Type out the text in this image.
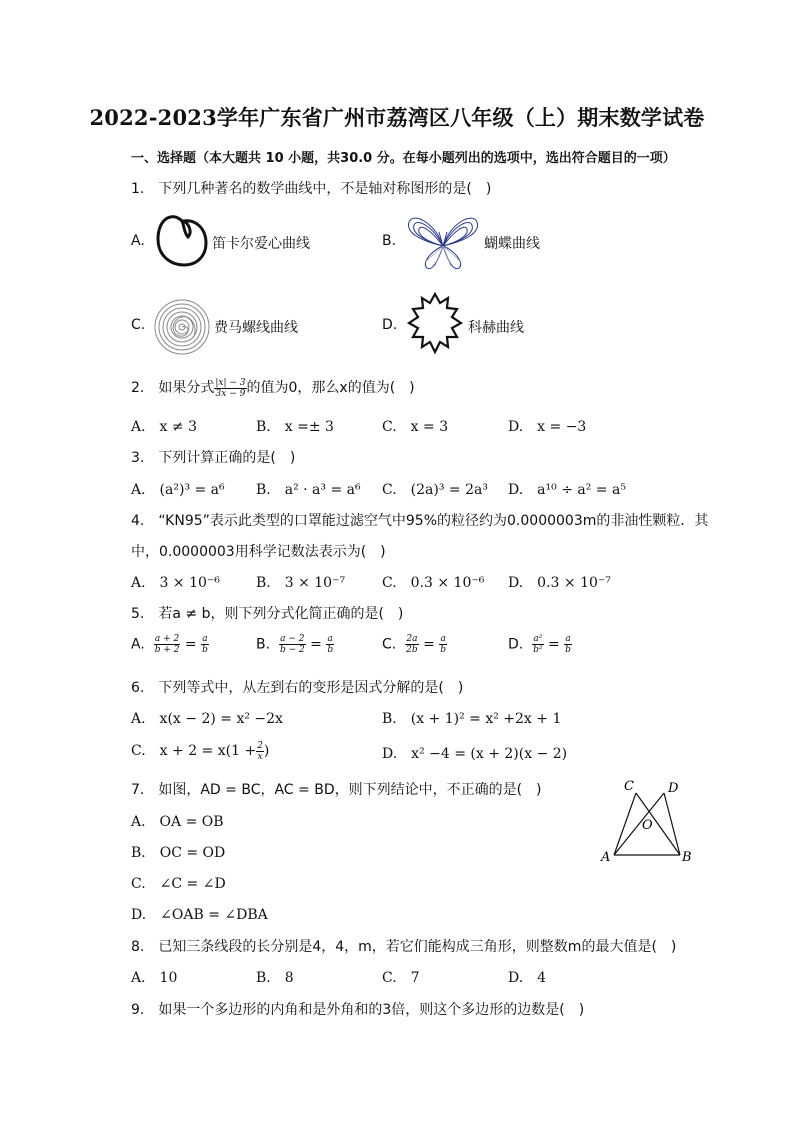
2022-2023学年广东省广州市荔湾区八年级（上）期末数学试卷
一、选择题（本大题共 10 小题，共30.0 分。在每小题列出的选项中，选出符合题目的一项）
1.　下列几种著名的数学曲线中，不是轴对称图形的是(　)
A.	笛卡尔爱心曲线	B.	蝴蝶曲线
C.	费马螺线曲线	D.	科赫曲线
2.　如果分式 $\frac{|x| - 3}{3x - 9}$ 的值为0，那么x的值为(　)
A.　x ≠ 3	B.　x =± 3	C.　x = 3	D.　x = −3
3.　下列计算正确的是(　)
A.　(a²)³ = a⁶ B.　a² · a³ = a⁶ C.　(2a)³ = 2a³ D.　a¹⁰ ÷ a² = a⁵
4.　“KN95”表示此类型的口罩能过滤空气中95%的粒径约为0.0000003m的非油性颗粒．其
中，0.0000003用科学记数法表示为(　)
A.　3 × 10⁻⁶	B.　3 × 10⁻⁷	C.　0.3 × 10⁻⁶ D.　0.3 × 10⁻⁷
5.　若a ≠ b，则下列分式化简正确的是(　)
A. $\frac{a + 2}{b + 2} = \frac{a}{b}$	B. $\frac{a - 2}{b - 2} = \frac{a}{b}$	C. $\frac{2a}{2b} = \frac{a}{b}$	D. $\frac{\text{a²}}{\text{b²}} = \frac{a}{b}$
6.　下列等式中，从左到右的变形是因式分解的是(　)
A.　x(x − 2) = x² −2x	B.　(x + 1)² = x² +2x + 1
C.　$x + 2 = x(1 + \frac{2}{x}$ )	D.　x² −4 = (x + 2)(x − 2)
7.　如图，AD = BC，AC = BD，则下列结论中，不正确的是(　)
A.　OA = OB
B.　OC = OD
C.　∠C = ∠D
D.　∠OAB = ∠DBA
C	D
O
A	B
8.　已知三条线段的长分别是4，4，m，若它们能构成三角形，则整数m的最大值是(　)
A.　10	B.　8	C.　7	D.　4
9.　如果一个多边形的内角和是外角和的3倍，则这个多边形的边数是(　)
